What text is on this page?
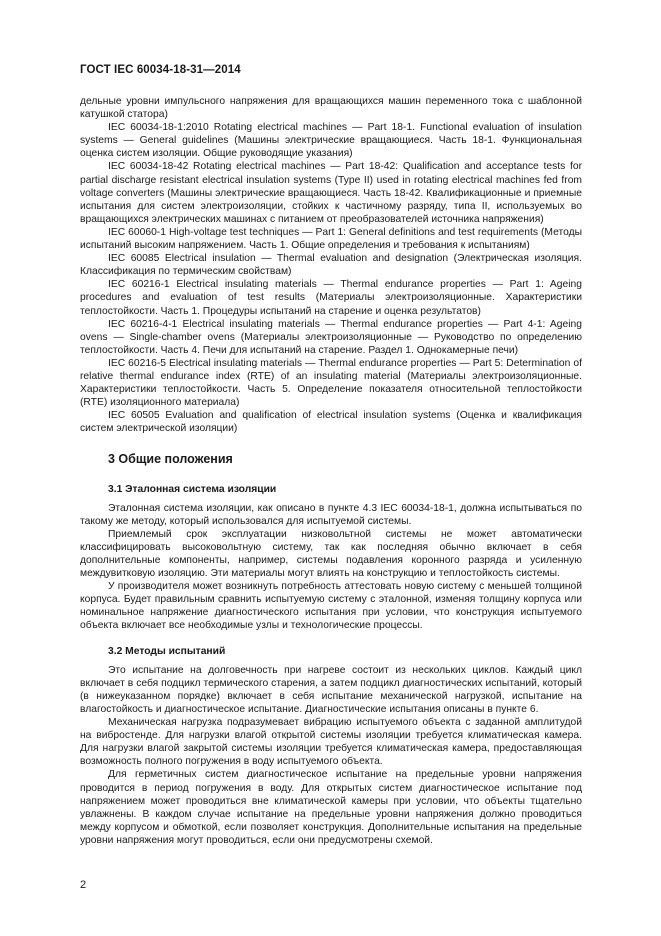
ГОСТ IEC 60034-18-31—2014

дельные уровни импульсного напряжения для вращающихся машин переменного тока с шаблонной катушкой статора)

IEC 60034-18-1:2010 Rotating electrical machines — Part 18-1. Functional evaluation of insulation systems — General guidelines (Машины электрические вращающиеся. Часть 18-1. Функциональная оценка систем изоляции. Общие руководящие указания)

IEC 60034-18-42 Rotating electrical machines — Part 18-42: Qualification and acceptance tests for partial discharge resistant electrical insulation systems (Type II) used in rotating electrical machines fed from voltage converters (Машины электрические вращающиеся. Часть 18-42. Квалификационные и приемные испытания для систем электроизоляции, стойких к частичному разряду, типа II, используемых во вращающихся электрических машинах с питанием от преобразователей источника напряжения)

IEC 60060-1 High-voltage test techniques — Part 1: General definitions and test requirements (Методы испытаний высоким напряжением. Часть 1. Общие определения и требования к испытаниям)

IEC 60085 Electrical insulation — Thermal evaluation and designation (Электрическая изоляция. Классификация по термическим свойствам)

IEC 60216-1 Electrical insulating materials — Thermal endurance properties — Part 1: Ageing procedures and evaluation of test results (Материалы электроизоляционные. Характеристики теплостойкости. Часть 1. Процедуры испытаний на старение и оценка результатов)

IEC 60216-4-1 Electrical insulating materials — Thermal endurance properties — Part 4-1: Ageing ovens — Single-chamber ovens (Материалы электроизоляционные — Руководство по определению теплостойкости. Часть 4. Печи для испытаний на старение. Раздел 1. Однокамерные печи)

IEC 60216-5 Electrical insulating materials — Thermal endurance properties — Part 5: Determination of relative thermal endurance index (RTE) of an insulating material (Материалы электроизоляционные. Характеристики теплостойкости. Часть 5. Определение показателя относительной теплостойкости (RTE) изоляционного материала)

IEC 60505 Evaluation and qualification of electrical insulation systems (Оценка и квалификация систем электрической изоляции)

3 Общие положения

3.1 Эталонная система изоляции

Эталонная система изоляции, как описано в пункте 4.3 IEC 60034-18-1, должна испытываться по такому же методу, который использовался для испытуемой системы.

Приемлемый срок эксплуатации низковольтной системы не может автоматически классифицировать высоковольтную систему, так как последняя обычно включает в себя дополнительные компоненты, например, системы подавления коронного разряда и усиленную междувитковую изоляцию. Эти материалы могут влиять на конструкцию и теплостойкость системы.

У производителя может возникнуть потребность аттестовать новую систему с меньшей толщиной корпуса. Будет правильным сравнить испытуемую систему с эталонной, изменяя толщину корпуса или номинальное напряжение диагностического испытания при условии, что конструкция испытуемого объекта включает все необходимые узлы и технологические процессы.

3.2 Методы испытаний

Это испытание на долговечность при нагреве состоит из нескольких циклов. Каждый цикл включает в себя подцикл термического старения, а затем подцикл диагностических испытаний, который (в нижеуказанном порядке) включает в себя испытание механической нагрузкой, испытание на влагостойкость и диагностическое испытание. Диагностические испытания описаны в пункте 6.

Механическая нагрузка подразумевает вибрацию испытуемого объекта с заданной амплитудой на вибростенде. Для нагрузки влагой открытой системы изоляции требуется климатическая камера. Для нагрузки влагой закрытой системы изоляции требуется климатическая камера, предоставляющая возможность полного погружения в воду испытуемого объекта.

Для герметичных систем диагностическое испытание на предельные уровни напряжения проводится в период погружения в воду. Для открытых систем диагностическое испытание под напряжением может проводиться вне климатической камеры при условии, что объекты тщательно увлажнены. В каждом случае испытание на предельные уровни напряжения должно проводиться между корпусом и обмоткой, если позволяет конструкция. Дополнительные испытания на предельные уровни напряжения могут проводиться, если они предусмотрены схемой.

2
